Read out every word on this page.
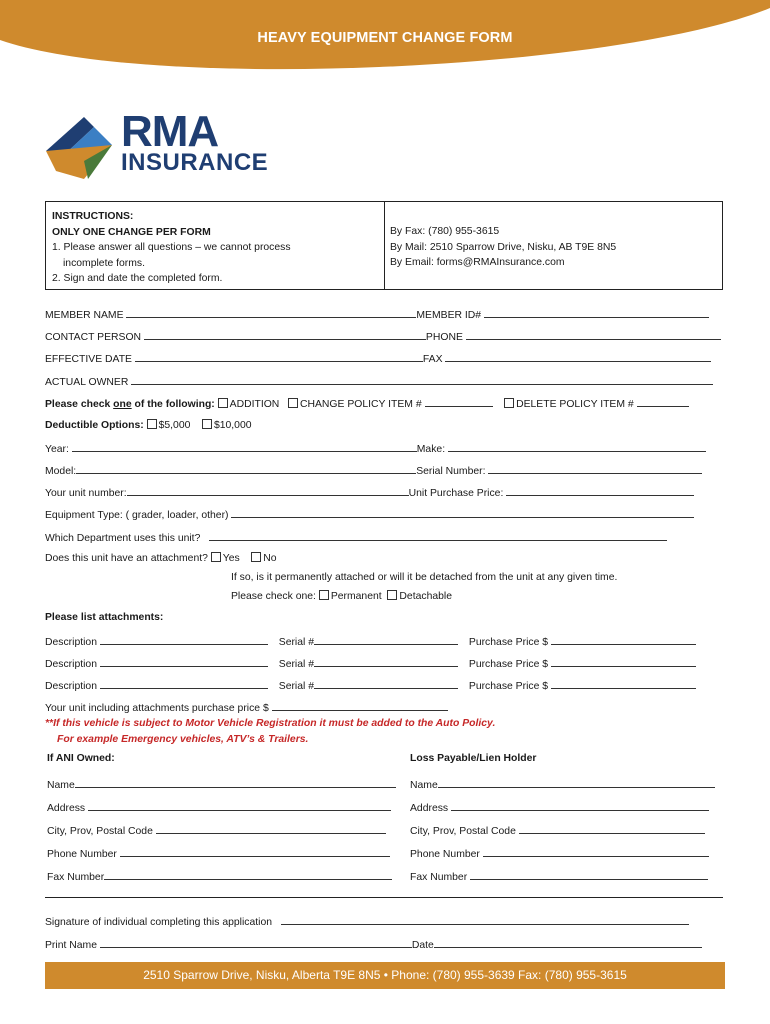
HEAVY EQUIPMENT CHANGE FORM
RMA
INSURANCE
INSTRUCTIONS:
ONLY ONE CHANGE PER FORM
1. Please answer all questions – we cannot process
incomplete forms.
2. Sign and date the completed form.
By Fax: (780) 955-3615
By Mail: 2510 Sparrow Drive, Nisku, AB T9E 8N5
By Email: forms@RMAInsurance.com
MEMBER NAME	MEMBER ID#
CONTACT PERSON	PHONE
EFFECTIVE DATE	FAX
ACTUAL OWNER
Please check one of the following: ADDITION CHANGE POLICY ITEM #	DELETE POLICY ITEM #
Deductible Options: $5,000 $10,000
Year:	Make:
Model:	Serial Number:
Your unit number:	Unit Purchase Price:
Equipment Type: ( grader, loader, other)
Which Department uses this unit?
Does this unit have an attachment? Yes No
If so, is it permanently attached or will it be detached from the unit at any given time.
Please check one: Permanent Detachable
Please list attachments:
Description	Serial #	Purchase Price $
Description	Serial #	Purchase Price $
Description	Serial #	Purchase Price $
Your unit including attachments purchase price $
**If this vehicle is subject to Motor Vehicle Registration it must be added to the Auto Policy.
For example Emergency vehicles, ATV’s & Trailers.
If ANI Owned:	Loss Payable/Lien Holder
Name	Name
Address	Address
City, Prov, Postal Code	City, Prov, Postal Code
Phone Number	Phone Number
Fax Number	Fax Number
Signature of individual completing this application
Print Name	Date
2510 Sparrow Drive, Nisku, Alberta T9E 8N5 • Phone: (780) 955-3639 Fax: (780) 955-3615
